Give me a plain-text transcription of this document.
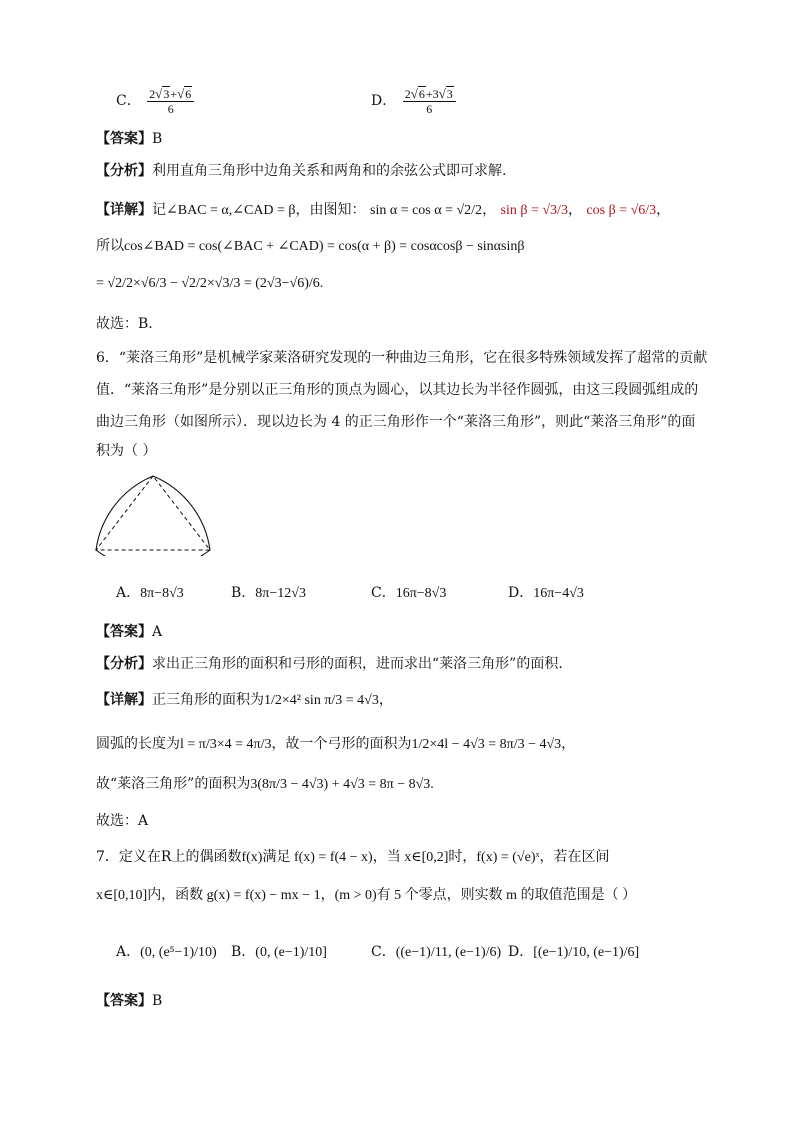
C． $\frac{2 √ 3 + √ 6}{6}$	D． $\frac{2 √ 6 +3 √ 3}{6}$
【答案】B
【分析】利用直角三角形中边角关系和两角和的余弦公式即可求解.
【详解】记∠BAC = α,∠CAD = β，由图知： sin α = cos α = √2/2， sin β = √3/3， cos β = √6/3，
所以cos∠BAD = cos(∠BAC + ∠CAD) = cos(α + β) = cosαcosβ − sinαsinβ
= √2/2×√6/3 − √2/2×√3/3 = (2√3−√6)/6.
故选：B.
6．“莱洛三角形”是机械学家莱洛研究发现的一种曲边三角形，它在很多特殊领域发挥了超常的贡献
值．“莱洛三角形”是分别以正三角形的顶点为圆心，以其边长为半径作圆弧，由这三段圆弧组成的
曲边三角形（如图所示）．现以边长为 4 的正三角形作一个“莱洛三角形”，则此“莱洛三角形”的面
积为（ ）
A．8π−8√3	B．8π−12√3	C．16π−8√3	D．16π−4√3
【答案】A
【分析】求出正三角形的面积和弓形的面积，进而求出“莱洛三角形”的面积.
【详解】正三角形的面积为1/2×4² sin π/3 = 4√3，
圆弧的长度为l = π/3×4 = 4π/3，故一个弓形的面积为1/2×4l − 4√3 = 8π/3 − 4√3，
故“莱洛三角形”的面积为3(8π/3 − 4√3) + 4√3 = 8π − 8√3.
故选：A
7．定义在R上的偶函数f(x)满足 f(x) = f(4 − x)，当 x∈[0,2]时，f(x) = (√e)ˣ，若在区间
x∈[0,10]内，函数 g(x) = f(x) − mx − 1，(m > 0)有 5 个零点，则实数 m 的取值范围是（ ）
A．(0, (e⁵−1)/10) B．(0, (e−1)/10]	C．((e−1)/11, (e−1)/6) D．[(e−1)/10, (e−1)/6]
【答案】B
